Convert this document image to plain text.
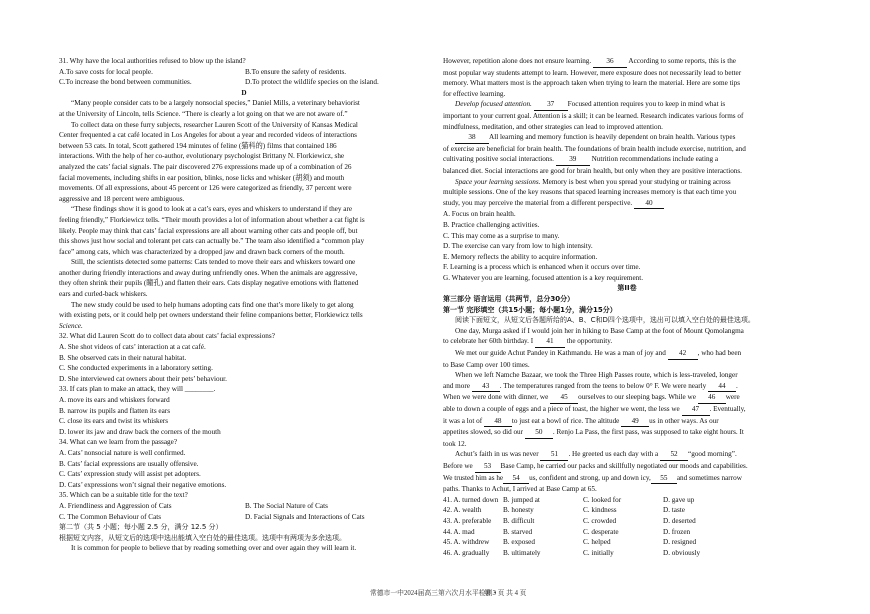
31. Why have the local authorities refused to blow up the island?
A.To save costs for local people.	B.To ensure the safety of residents.
C.To increase the bond between communities.	D.To protect the wildlife species on the island.
D
“Many people consider cats to be a largely nonsocial species,” Daniel Mills, a veterinary behaviorist
at the University of Lincoln, tells Science. “There is clearly a lot going on that we are not aware of.”
To collect data on these furry subjects, researcher Lauren Scott of the University of Kansas Medical
Center frequented a cat café located in Los Angeles for about a year and recorded videos of interactions
between 53 cats. In total, Scott gathered 194 minutes of feline (猫科的) films that contained 186
interactions. With the help of her co-author, evolutionary psychologist Brittany N. Florkiewicz, she
analyzed the cats’ facial signals. The pair discovered 276 expressions made up of a combination of 26
facial movements, including shifts in ear position, blinks, nose licks and whisker (胡须) and mouth
movements. Of all expressions, about 45 percent or 126 were categorized as friendly, 37 percent were
aggressive and 18 percent were ambiguous.
“These findings show it is good to look at a cat’s ears, eyes and whiskers to understand if they are
feeling friendly,” Florkiewicz tells. “Their mouth provides a lot of information about whether a cat fight is
likely. People may think that cats’ facial expressions are all about warning other cats and people off, but
this shows just how social and tolerant pet cats can actually be.” The team also identified a “common play
face” among cats, which was characterized by a dropped jaw and drawn back corners of the mouth.
Still, the scientists detected some patterns: Cats tended to move their ears and whiskers toward one
another during friendly interactions and away during unfriendly ones. When the animals are aggressive,
they often shrink their pupils (瞳孔) and flatten their ears. Cats display negative emotions with flattened
ears and curled-back whiskers.
The new study could be used to help humans adopting cats find one that’s more likely to get along
with existing pets, or it could help pet owners understand their feline companions better, Florkiewicz tells
Science.
32. What did Lauren Scott do to collect data about cats’ facial expressions?
A. She shot videos of cats’ interaction at a cat café.
B. She observed cats in their natural habitat.
C. She conducted experiments in a laboratory setting.
D. She interviewed cat owners about their pets’ behaviour.
33. If cats plan to make an attack, they will ________.
A. move its ears and whiskers forward
B. narrow its pupils and flatten its ears
C. close its ears and twist its whiskers
D. lower its jaw and draw back the corners of the mouth
34. What can we learn from the passage?
A. Cats’ nonsocial nature is well confirmed.
B. Cats’ facial expressions are usually offensive.
C. Cats’ expression study will assist pet adopters.
D. Cats’ expressions won’t signal their negative emotions.
35. Which can be a suitable title for the text?
A. Friendliness and Aggression of Cats	B. The Social Nature of Cats
C. The Common Behaviour of Cats	D. Facial Signals and Interactions of Cats
第二节（共 5 小题；每小题 2.5 分，满分 12.5 分）
根据短文内容，从短文后的选项中选出能填入空白处的最佳选项。选项中有两项为多余选项。
It is common for people to believe that by reading something over and over again they will learn it.
However, repetition alone does not ensure learning. 36 According to some reports, this is the
most popular way students attempt to learn. However, mere exposure does not necessarily lead to better
memory. What matters most is the approach taken when trying to learn the material. Here are some tips
for effective learning.
Develop focused attention. 37 Focused attention requires you to keep in mind what is
important to your current goal. Attention is a skill; it can be learned. Research indicates various forms of
mindfulness, meditation, and other strategies can lead to improved attention.
38 All learning and memory function is heavily dependent on brain health. Various types
of exercise are beneficial for brain health. The foundations of brain health include exercise, nutrition, and
cultivating positive social interactions. 39 Nutrition recommendations include eating a
balanced diet. Social interactions are good for brain health, but only when they are positive interactions.
Space your learning sessions. Memory is best when you spread your studying or training across
multiple sessions. One of the key reasons that spaced learning increases memory is that each time you
study, you may perceive the material from a different perspective. 40
A. Focus on brain health.
B. Practice challenging activities.
C. This may come as a surprise to many.
D. The exercise can vary from low to high intensity.
E. Memory reflects the ability to acquire information.
F. Learning is a process which is enhanced when it occurs over time.
G. Whatever you are learning, focused attention is a key requirement.
第II卷
第三部分 语言运用（共两节，总分30分）
第一节 完形填空（共15小题；每小题1分，满分15分）
阅读下面短文，从短文后各题所给的A、B、C和D四个选项中，选出可以填入空白处的最佳选项。
One day, Murga asked if I would join her in hiking to Base Camp at the foot of Mount Qomolangma
to celebrate her 60th birthday. I 41 the opportunity.
We met our guide Achut Pandey in Kathmandu. He was a man of joy and 42 , who had been
to Base Camp over 100 times.
When we left Namche Bazaar, we took the Three High Passes route, which is less-traveled, longer
and more 43 . The temperatures ranged from the teens to below 0° F. We were nearly 44 .
When we were done with dinner, we 45 ourselves to our sleeping bags. While we 46 were
able to down a couple of eggs and a piece of toast, the higher we went, the less we 47 . Eventually,
it was a lot of 48 to just eat a bowl of rice. The altitude 49 us in other ways. As our
appetites slowed, so did our 50 . Renjo La Pass, the first pass, was supposed to take eight hours. It
took 12.
Achut’s faith in us was never 51 . He greeted us each day with a 52 “good morning”.
Before we 53 Base Camp, he carried our packs and skillfully negotiated our moods and capabilities.
We trusted him as he 54 us, confident and strong, up and down icy, 55 and sometimes narrow
paths. Thanks to Achut, I arrived at Base Camp at 65.
41. A. turned down B. jumped at	C. looked for	D. gave up
42. A. wealth	B. honesty	C. kindness	D. taste
43. A. preferable	B. difficult	C. crowded	D. deserted
44. A. mad	B. starved	C. desperate	D. frozen
45. A. withdrew	B. exposed	C. helped	D. resigned
46. A. gradually	B. ultimately	C. initially	D. obviously
常德市一中2024届高三第六次月水平检测 •
第 3 页 共 4 页
